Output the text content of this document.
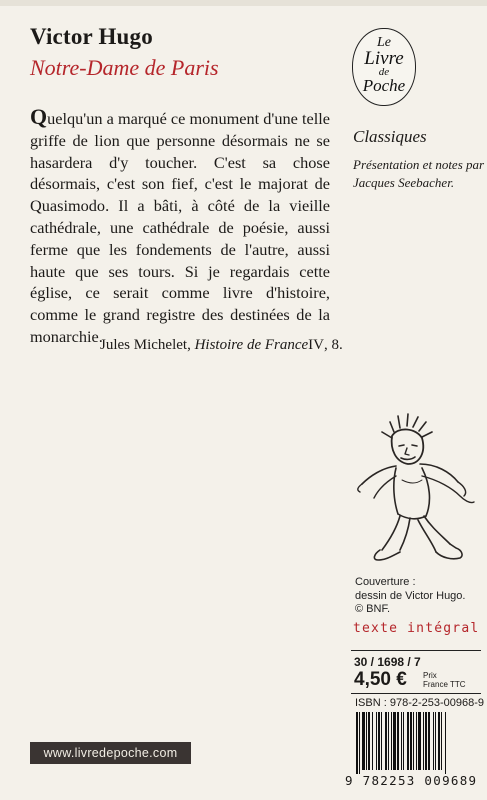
Victor Hugo
Notre-Dame de Paris
Le
Livre
de
Poche
Classiques
Présentation et notes par Jacques Seebacher.
Quelqu'un a marqué ce monument d'une telle griffe de lion que personne désormais ne se hasardera d'y toucher. C'est sa chose désormais, c'est son fief, c'est le majorat de Quasimodo. Il a bâti, à côté de la vieille cathédrale, une cathédrale de poésie, aussi ferme que les fondements de l'autre, aussi haute que ses tours. Si je regardais cette église, ce serait comme livre d'histoire, comme le grand registre des destinées de la monarchie.
Jules Michelet, Histoire de FranceIV, 8.
Couverture :
dessin de Victor Hugo.
© BNF.
texte intégral
30 / 1698 / 7
4,50 € Prix
France TTC
ISBN : 978-2-253-00968-9
9 782253 009689
www.livredepoche.com
